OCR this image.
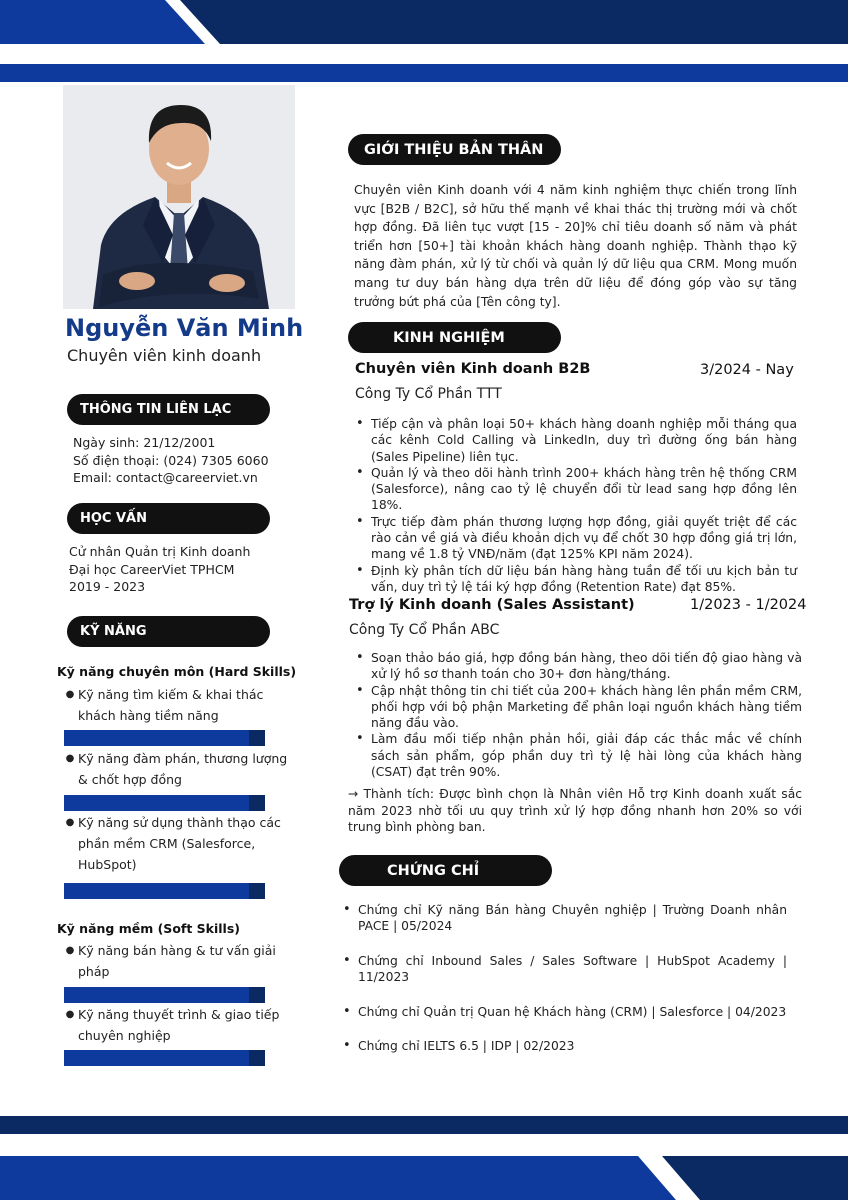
Nguyễn Văn Minh
Chuyên viên kinh doanh
THÔNG TIN LIÊN LẠC
Ngày sinh: 21/12/2001
Số điện thoại: (024) 7305 6060
Email: contact@careerviet.vn
HỌC VẤN
Cử nhân Quản trị Kinh doanh
Đại học CareerViet TPHCM
2019 - 2023
KỸ NĂNG
Kỹ năng chuyên môn (Hard Skills)
● Kỹ năng tìm kiếm & khai thác
khách hàng tiềm năng
● Kỹ năng đàm phán, thương lượng
& chốt hợp đồng
● Kỹ năng sử dụng thành thạo các
phần mềm CRM (Salesforce,
HubSpot)
Kỹ năng mềm (Soft Skills)
● Kỹ năng bán hàng & tư vấn giải
pháp
● Kỹ năng thuyết trình & giao tiếp
chuyên nghiệp
GIỚI THIỆU BẢN THÂN
Chuyên viên Kinh doanh với 4 năm kinh nghiệm thực chiến trong lĩnh vực [B2B / B2C], sở hữu thế mạnh về khai thác thị trường mới và chốt hợp đồng. Đã liên tục vượt [15 - 20]% chỉ tiêu doanh số năm và phát triển hơn [50+] tài khoản khách hàng doanh nghiệp. Thành thạo kỹ năng đàm phán, xử lý từ chối và quản lý dữ liệu qua CRM. Mong muốn mang tư duy bán hàng dựa trên dữ liệu để đóng góp vào sự tăng trưởng bứt phá của [Tên công ty].
KINH NGHIỆM
Chuyên viên Kinh doanh B2B	3/2024 - Nay
Công Ty Cổ Phần TTT
• Tiếp cận và phân loại 50+ khách hàng doanh nghiệp mỗi tháng qua các kênh Cold Calling và LinkedIn, duy trì đường ống bán hàng (Sales Pipeline) liên tục.
• Quản lý và theo dõi hành trình 200+ khách hàng trên hệ thống CRM (Salesforce), nâng cao tỷ lệ chuyển đổi từ lead sang hợp đồng lên 18%.
• Trực tiếp đàm phán thương lượng hợp đồng, giải quyết triệt để các rào cản về giá và điều khoản dịch vụ để chốt 30 hợp đồng giá trị lớn, mang về 1.8 tỷ VNĐ/năm (đạt 125% KPI năm 2024).
• Định kỳ phân tích dữ liệu bán hàng hàng tuần để tối ưu kịch bản tư vấn, duy trì tỷ lệ tái ký hợp đồng (Retention Rate) đạt 85%.
Trợ lý Kinh doanh (Sales Assistant)	1/2023 - 1/2024
Công Ty Cổ Phần ABC
• Soạn thảo báo giá, hợp đồng bán hàng, theo dõi tiến độ giao hàng và xử lý hồ sơ thanh toán cho 30+ đơn hàng/tháng.
• Cập nhật thông tin chi tiết của 200+ khách hàng lên phần mềm CRM, phối hợp với bộ phận Marketing để phân loại nguồn khách hàng tiềm năng đầu vào.
• Làm đầu mối tiếp nhận phản hồi, giải đáp các thắc mắc về chính sách sản phẩm, góp phần duy trì tỷ lệ hài lòng của khách hàng (CSAT) đạt trên 90%.
→ Thành tích: Được bình chọn là Nhân viên Hỗ trợ Kinh doanh xuất sắc năm 2023 nhờ tối ưu quy trình xử lý hợp đồng nhanh hơn 20% so với trung bình phòng ban.
CHỨNG CHỈ
• Chứng chỉ Kỹ năng Bán hàng Chuyên nghiệp | Trường Doanh nhân PACE | 05/2024
• Chứng chỉ Inbound Sales / Sales Software | HubSpot Academy | 11/2023
• Chứng chỉ Quản trị Quan hệ Khách hàng (CRM) | Salesforce | 04/2023
• Chứng chỉ IELTS 6.5 | IDP | 02/2023
